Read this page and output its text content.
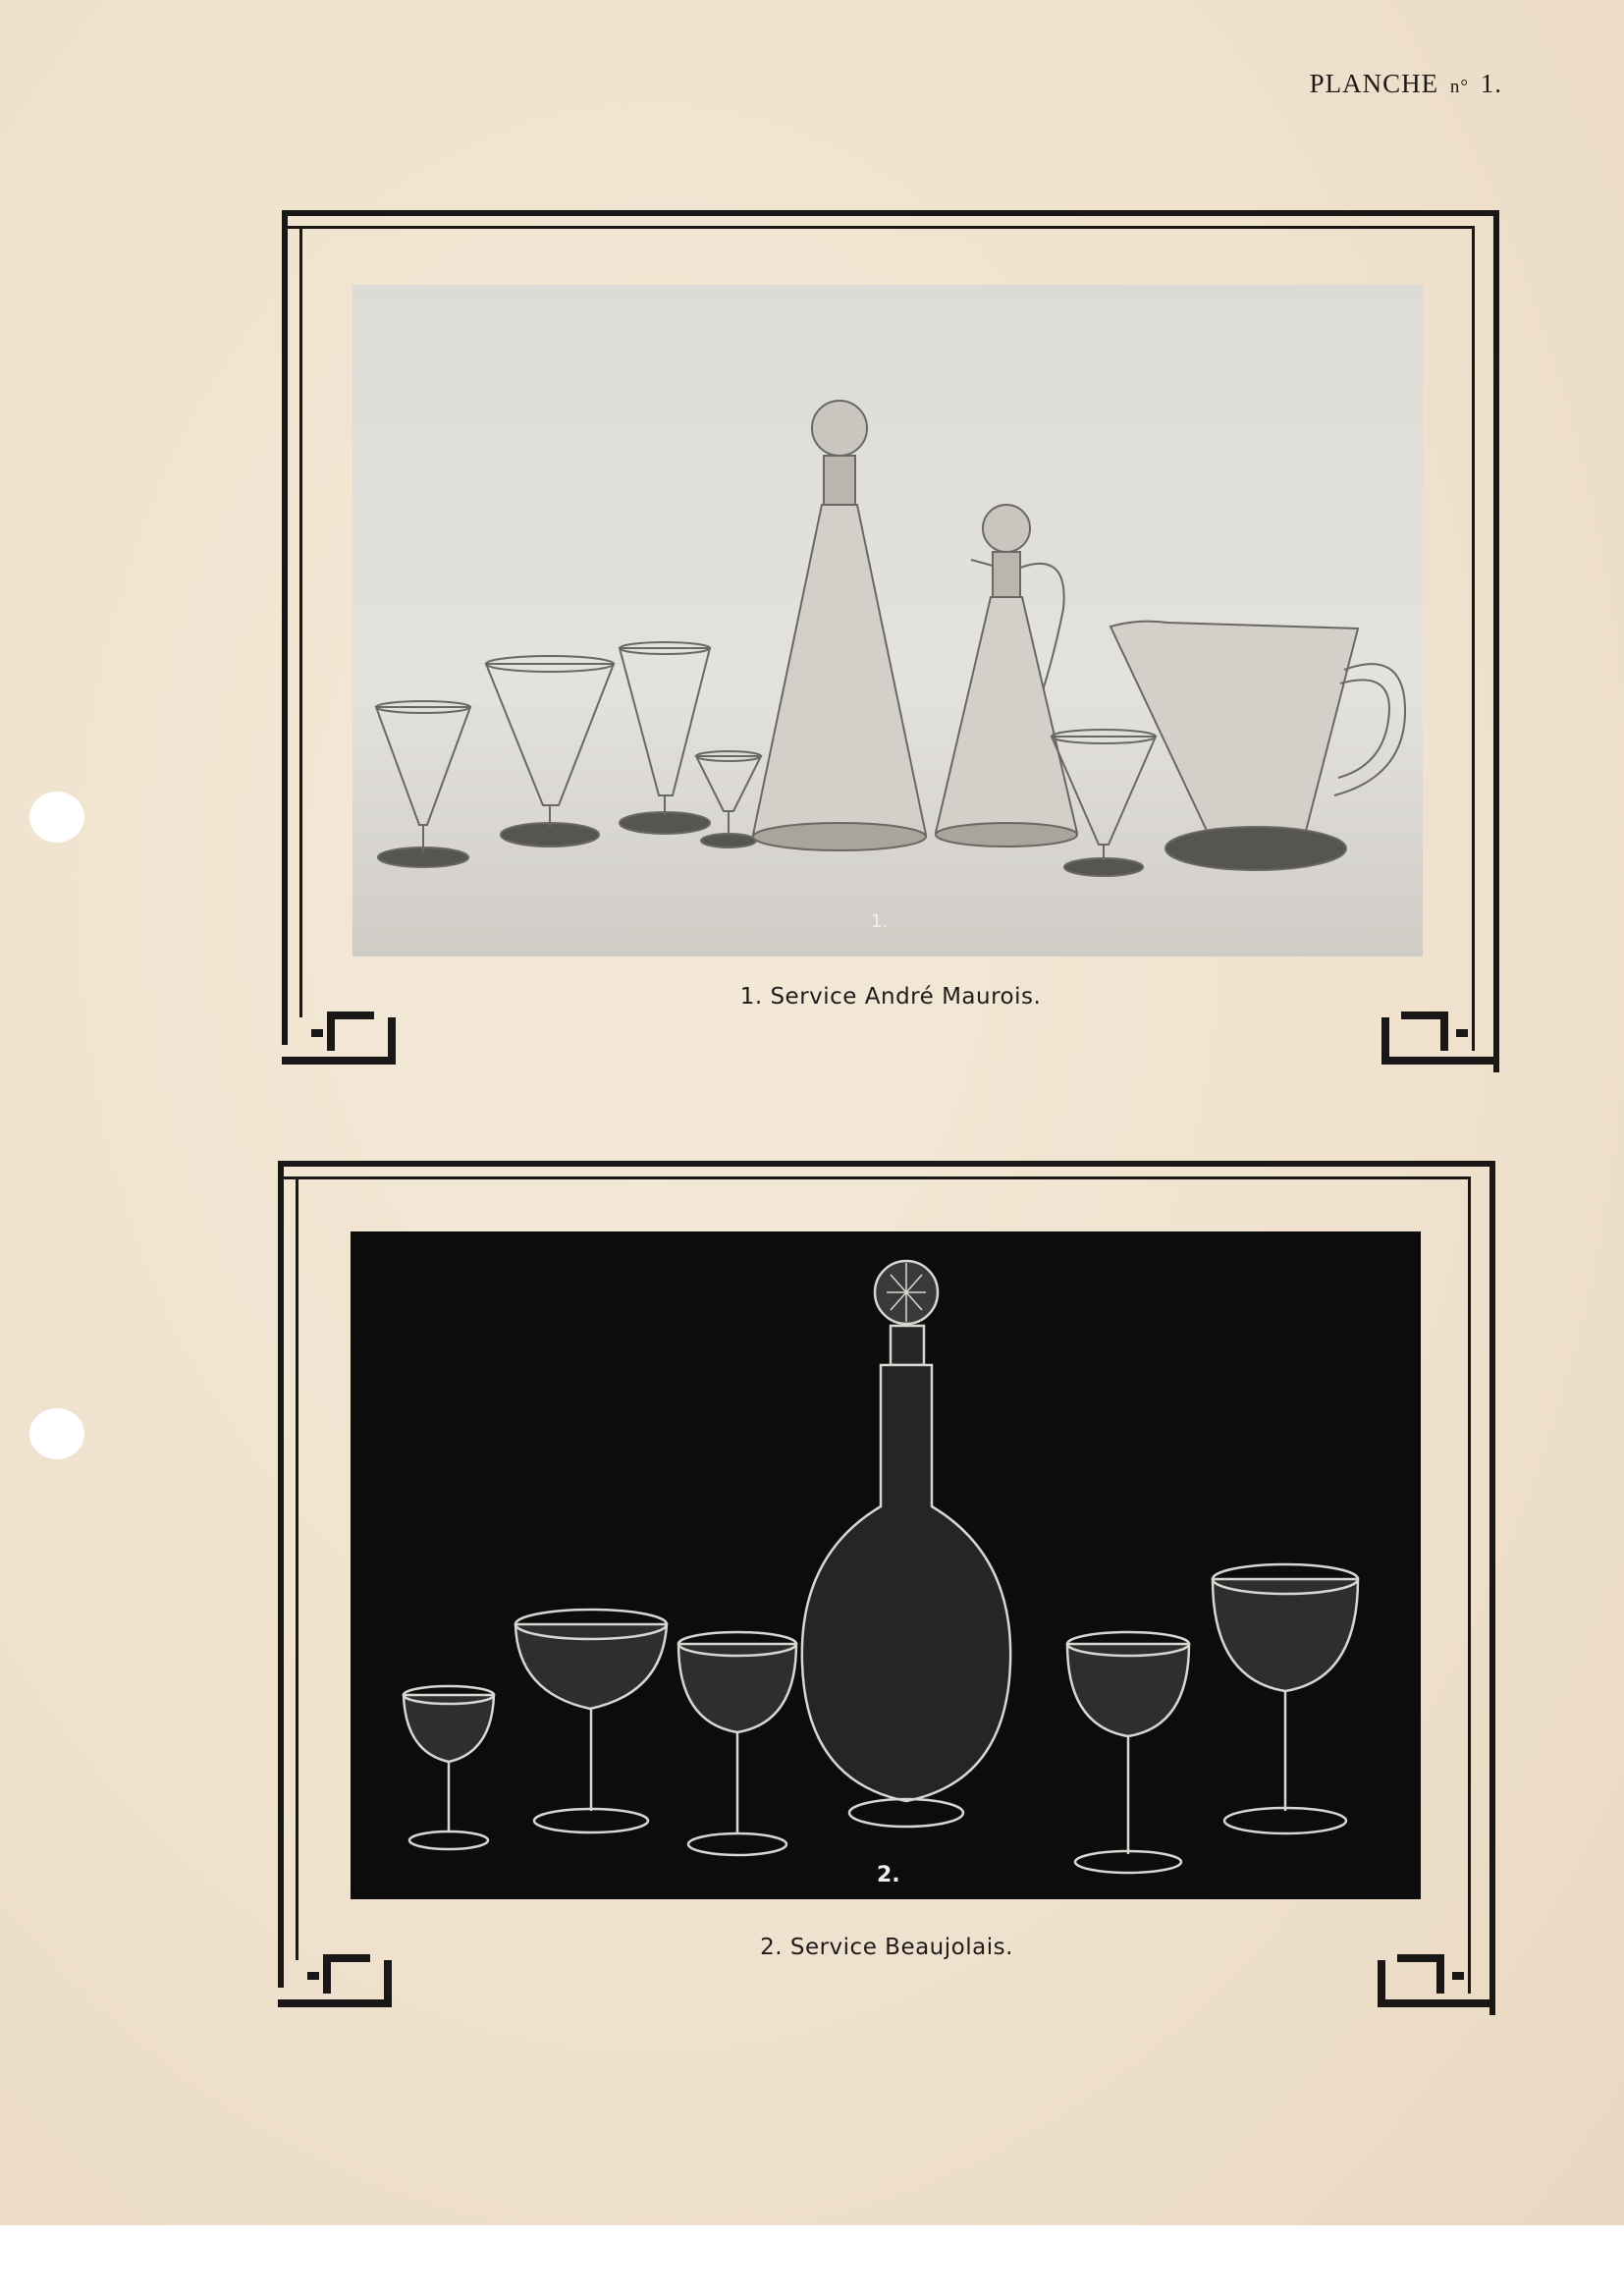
PLANCHE n° 1.
1.
1. Service André Maurois.
2.
2. Service Beaujolais.
